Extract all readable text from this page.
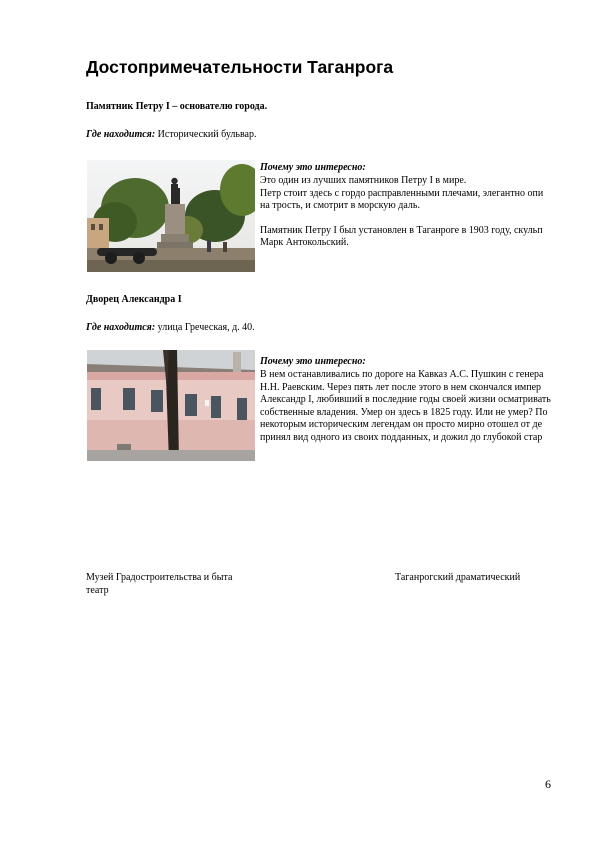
Достопримечательности Таганрога
Памятник Петру I – основателю города.
Где находится: Исторический бульвар.
Почему это интересно:

Это один из лучших памятников Петру I в мире.

Петр стоит здесь с гордо расправленными плечами, элегантно опи

на трость, и смотрит в морскую даль.

Памятник Петру I был установлен в Таганроге в 1903 году, скульп

Марк Антокольский.

Дворец Александра I
Где находится: улица Греческая, д. 40.
Почему это интересно:

В нем останавливались по дороге на Кавказ А.С. Пушкин с генера

Н.Н. Раевским. Через пять лет после этого в нем скончался импер

Александр I, любивший в последние годы своей жизни осматривать

собственные владения. Умер он здесь в 1825 году. Или не умер? По

некоторым историческим легендам он просто мирно отошел от де

принял вид одного из своих подданных, и дожил до глубокой стар

Музей Градостроительства и быта
театр
Таганрогский драматический
6
